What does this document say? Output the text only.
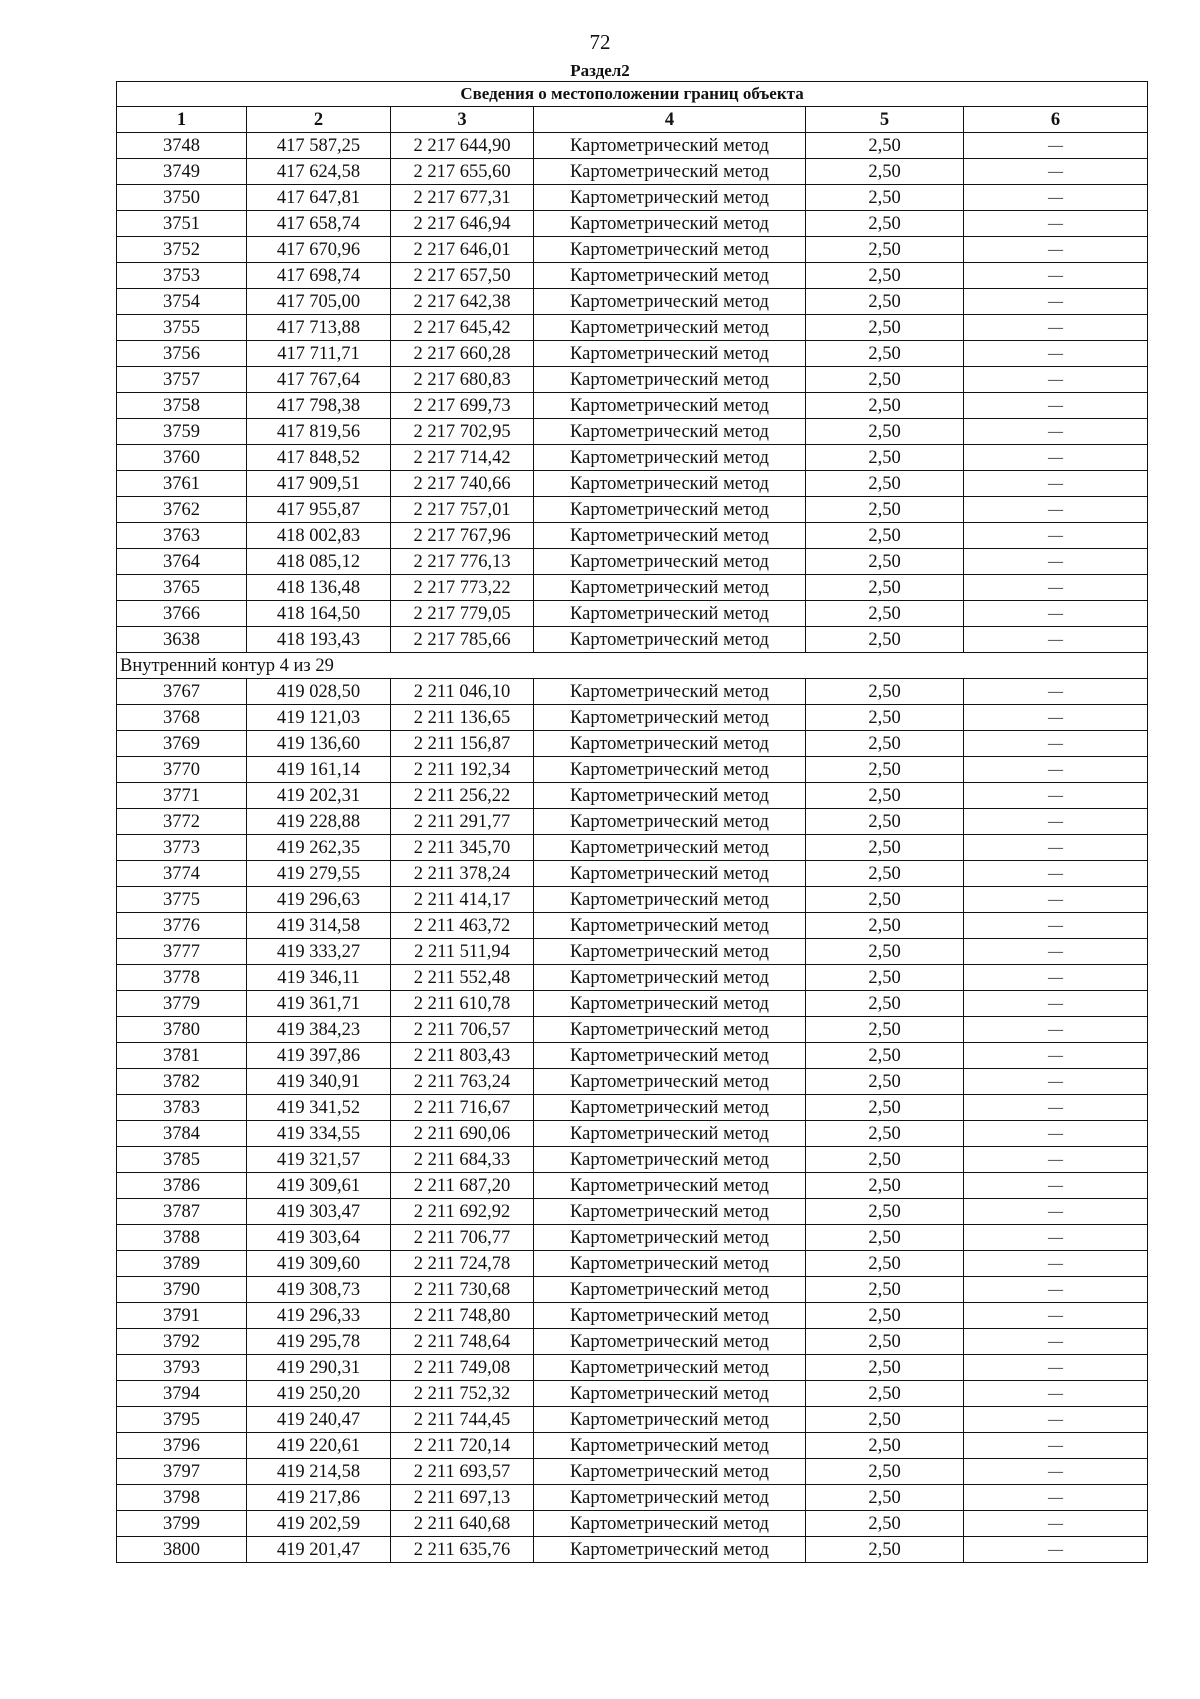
72
Раздел2
Сведения о местоположении границ объекта					
1	2	3	4	5	6
3748	417 587,25	2 217 644,90	Картометрический метод	2,50	—
3749	417 624,58	2 217 655,60	Картометрический метод	2,50	—
3750	417 647,81	2 217 677,31	Картометрический метод	2,50	—
3751	417 658,74	2 217 646,94	Картометрический метод	2,50	—
3752	417 670,96	2 217 646,01	Картометрический метод	2,50	—
3753	417 698,74	2 217 657,50	Картометрический метод	2,50	—
3754	417 705,00	2 217 642,38	Картометрический метод	2,50	—
3755	417 713,88	2 217 645,42	Картометрический метод	2,50	—
3756	417 711,71	2 217 660,28	Картометрический метод	2,50	—
3757	417 767,64	2 217 680,83	Картометрический метод	2,50	—
3758	417 798,38	2 217 699,73	Картометрический метод	2,50	—
3759	417 819,56	2 217 702,95	Картометрический метод	2,50	—
3760	417 848,52	2 217 714,42	Картометрический метод	2,50	—
3761	417 909,51	2 217 740,66	Картометрический метод	2,50	—
3762	417 955,87	2 217 757,01	Картометрический метод	2,50	—
3763	418 002,83	2 217 767,96	Картометрический метод	2,50	—
3764	418 085,12	2 217 776,13	Картометрический метод	2,50	—
3765	418 136,48	2 217 773,22	Картометрический метод	2,50	—
3766	418 164,50	2 217 779,05	Картометрический метод	2,50	—
3638	418 193,43	2 217 785,66	Картометрический метод	2,50	—
Внутренний контур 4 из 29					
3767	419 028,50	2 211 046,10	Картометрический метод	2,50	—
3768	419 121,03	2 211 136,65	Картометрический метод	2,50	—
3769	419 136,60	2 211 156,87	Картометрический метод	2,50	—
3770	419 161,14	2 211 192,34	Картометрический метод	2,50	—
3771	419 202,31	2 211 256,22	Картометрический метод	2,50	—
3772	419 228,88	2 211 291,77	Картометрический метод	2,50	—
3773	419 262,35	2 211 345,70	Картометрический метод	2,50	—
3774	419 279,55	2 211 378,24	Картометрический метод	2,50	—
3775	419 296,63	2 211 414,17	Картометрический метод	2,50	—
3776	419 314,58	2 211 463,72	Картометрический метод	2,50	—
3777	419 333,27	2 211 511,94	Картометрический метод	2,50	—
3778	419 346,11	2 211 552,48	Картометрический метод	2,50	—
3779	419 361,71	2 211 610,78	Картометрический метод	2,50	—
3780	419 384,23	2 211 706,57	Картометрический метод	2,50	—
3781	419 397,86	2 211 803,43	Картометрический метод	2,50	—
3782	419 340,91	2 211 763,24	Картометрический метод	2,50	—
3783	419 341,52	2 211 716,67	Картометрический метод	2,50	—
3784	419 334,55	2 211 690,06	Картометрический метод	2,50	—
3785	419 321,57	2 211 684,33	Картометрический метод	2,50	—
3786	419 309,61	2 211 687,20	Картометрический метод	2,50	—
3787	419 303,47	2 211 692,92	Картометрический метод	2,50	—
3788	419 303,64	2 211 706,77	Картометрический метод	2,50	—
3789	419 309,60	2 211 724,78	Картометрический метод	2,50	—
3790	419 308,73	2 211 730,68	Картометрический метод	2,50	—
3791	419 296,33	2 211 748,80	Картометрический метод	2,50	—
3792	419 295,78	2 211 748,64	Картометрический метод	2,50	—
3793	419 290,31	2 211 749,08	Картометрический метод	2,50	—
3794	419 250,20	2 211 752,32	Картометрический метод	2,50	—
3795	419 240,47	2 211 744,45	Картометрический метод	2,50	—
3796	419 220,61	2 211 720,14	Картометрический метод	2,50	—
3797	419 214,58	2 211 693,57	Картометрический метод	2,50	—
3798	419 217,86	2 211 697,13	Картометрический метод	2,50	—
3799	419 202,59	2 211 640,68	Картометрический метод	2,50	—
3800	419 201,47	2 211 635,76	Картометрический метод	2,50	—
